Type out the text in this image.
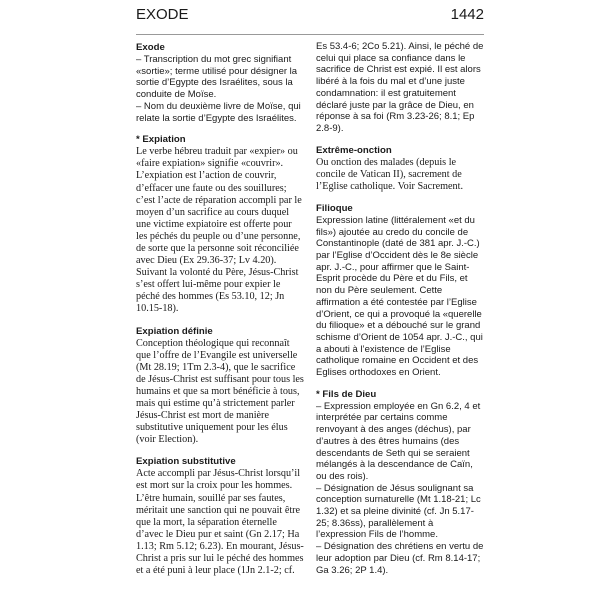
EXODE	1442
Exode

– Transcription du mot grec signifiant «sortie»; terme utilisé pour désigner la sortie d’Egypte des Israélites, sous la conduite de Moïse.

– Nom du deuxième livre de Moïse, qui relate la sortie d’Egypte des Israélites.

* Expiation

Le verbe hébreu traduit par «expier» ou «faire expiation» signifie «couvrir». L’expiation est l’action de couvrir, d’effacer une faute ou des souillures; c’est l’acte de réparation accompli par le moyen d’un sacrifice au cours duquel une victime expiatoire est offerte pour les péchés du peuple ou d’une personne, de sorte que la personne soit réconciliée avec Dieu (Ex 29.36-37; Lv 4.20). Suivant la volonté du Père, Jésus-Christ s’est offert lui-même pour expier le péché des hommes (Es 53.10, 12; Jn 10.15-18).

Expiation définie

Conception théologique qui reconnaît que l’offre de l’Evangile est universelle (Mt 28.19; 1Tm 2.3-4), que le sacrifice de Jésus-Christ est suffisant pour tous les humains et que sa mort bénéficie à tous, mais qui estime qu’à strictement parler Jésus-Christ est mort de manière substitutive uniquement pour les élus (voir Election).

Expiation substitutive

Acte accompli par Jésus-Christ lorsqu’il est mort sur la croix pour les hommes. L’être humain, souillé par ses fautes, méritait une sanction qui ne pouvait être que la mort, la séparation éternelle d’avec le Dieu pur et saint (Gn 2.17; Ha 1.13; Rm 5.12; 6.23). En mourant, Jésus-Christ a pris sur lui le péché des hommes et a été puni à leur place (1Jn 2.1-2; cf.

Es 53.4-6; 2Co 5.21). Ainsi, le péché de celui qui place sa confiance dans le sacrifice de Christ est expié. Il est alors libéré à la fois du mal et d’une juste condamnation: il est gratuitement déclaré juste par la grâce de Dieu, en réponse à sa foi (Rm 3.23-26; 8.1; Ep 2.8-9).

Extrême-onction

Ou onction des malades (depuis le concile de Vatican II), sacrement de l’Eglise catholique. Voir Sacrement.

Filioque

Expression latine (littéralement «et du fils») ajoutée au credo du concile de Constantinople (daté de 381 apr. J.-C.) par l’Eglise d’Occident dès le 8e siècle apr. J.-C., pour affirmer que le Saint-Esprit procède du Père et du Fils, et non du Père seulement. Cette affirmation a été contestée par l’Eglise d’Orient, ce qui a provoqué la «querelle du filioque» et a débouché sur le grand schisme d’Orient de 1054 apr. J.-C., qui a abouti à l’existence de l’Eglise catholique romaine en Occident et des Eglises orthodoxes en Orient.

* Fils de Dieu

– Expression employée en Gn 6.2, 4 et interprétée par certains comme renvoyant à des anges (déchus), par d’autres à des êtres humains (des descendants de Seth qui se seraient mélangés à la descendance de Caïn, ou des rois).

– Désignation de Jésus soulignant sa conception surnaturelle (Mt 1.18-21; Lc 1.32) et sa pleine divinité (cf. Jn 5.17-25; 8.36ss), parallèlement à l’expression Fils de l’homme.

– Désignation des chrétiens en vertu de leur adoption par Dieu (cf. Rm 8.14-17; Ga 3.26; 2P 1.4).
